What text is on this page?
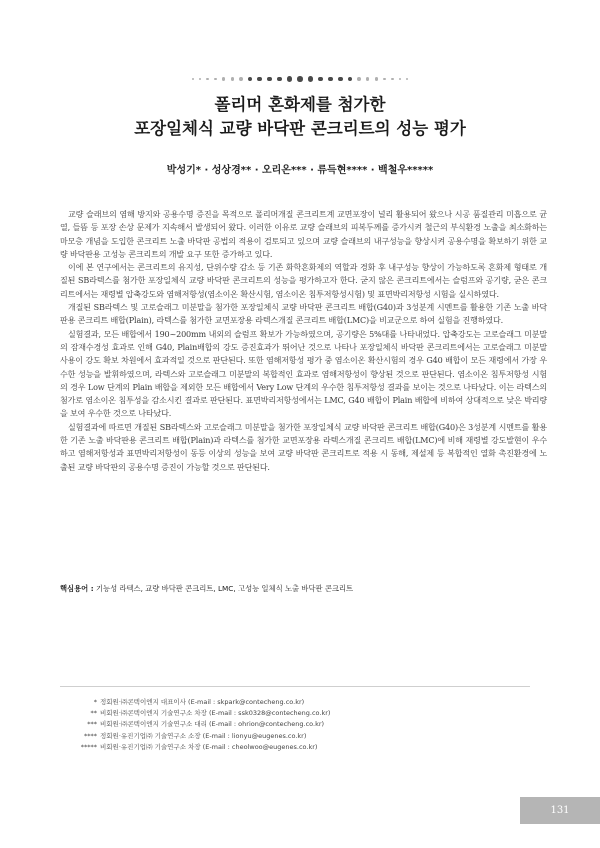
폴리머 혼화제를 첨가한
포장일체식 교량 바닥판 콘크리트의 성능 평가
박성기* · 성상경** · 오리온*** · 류득현**** · 백철우*****

교량 슬래브의 염해 방지와 공용수명 증진을 목적으로 폴리머개질 콘크리트계 교면포장이 널리 활용되어 왔으나 시공 품질관리 미흡으로 균열, 들뜸 등 포장 손상 문제가 지속해서 발생되어 왔다. 이러한 이유로 교량 슬래브의 피복두께를 증가시켜 철근의 부식환경 노출을 최소화하는 마모층 개념을 도입한 콘크리트 노출 바닥판 공법의 적용이 검토되고 있으며 교량 슬래브의 내구성능을 향상시켜 공용수명을 확보하기 위한 교량 바닥판용 고성능 콘크리트의 개발 요구 또한 증가하고 있다.

이에 본 연구에서는 콘크리트의 유지성, 단위수량 감소 등 기존 화학혼화제의 역할과 경화 후 내구성능 향상이 가능하도록 혼화제 형태로 개질된 SB라텍스를 첨가한 포장일체식 교량 바닥판 콘크리트의 성능을 평가하고자 한다. 굳지 않은 콘크리트에서는 슬럼프와 공기량, 굳은 콘크리트에서는 재령별 압축강도와 염해저항성(염소이온 확산시험, 염소이온 침투저항성시험) 및 표면박리저항성 시험을 실시하였다.

개질된 SB라텍스 및 고로슬래그 미분말을 첨가한 포장일체식 교량 바닥판 콘크리트 배합(G40)과 3성분계 시멘트를 활용한 기존 노출 바닥판용 콘크리트 배합(Plain), 라텍스를 첨가한 교면포장용 라텍스개질 콘크리트 배합(LMC)을 비교군으로 하여 실험을 진행하였다.

실험결과, 모든 배합에서 190~200mm 내외의 슬럼프 확보가 가능하였으며, 공기량은 5%대를 나타내었다. 압축강도는 고로슬래그 미분말의 잠재수경성 효과로 인해 G40, Plain배합의 강도 증진효과가 뛰어난 것으로 나타나 포장일체식 바닥판 콘크리트에서는 고로슬래그 미분말 사용이 강도 확보 차원에서 효과적일 것으로 판단된다. 또한 염해저항성 평가 중 염소이온 확산시험의 경우 G40 배합이 모든 재령에서 가장 우수한 성능을 발휘하였으며, 라텍스와 고로슬래그 미분말의 복합적인 효과로 염해저항성이 향상된 것으로 판단된다. 염소이온 침투저항성 시험의 경우 Low 단계의 Plain 배합을 제외한 모든 배합에서 Very Low 단계의 우수한 침투저항성 결과를 보이는 것으로 나타났다. 이는 라텍스의 첨가로 염소이온 침투성을 감소시킨 결과로 판단된다. 표면박리저항성에서는 LMC, G40 배합이 Plain 배합에 비하여 상대적으로 낮은 박리량을 보여 우수한 것으로 나타났다.

실험결과에 따르면 개질된 SB라텍스와 고로슬래그 미분말을 첨가한 포장일체식 교량 바닥판 콘크리트 배합(G40)은 3성분계 시멘트를 활용한 기존 노출 바닥판용 콘크리트 배합(Plain)과 라텍스를 첨가한 교면포장용 라텍스개질 콘크리트 배합(LMC)에 비해 재령별 강도발현이 우수하고 염해저항성과 표면박리저항성이 동등 이상의 성능을 보여 교량 바닥판 콘크리트로 적용 시 동해, 제설제 등 복합적인 열화 촉진환경에 노출된 교량 바닥판의 공용수명 증진이 가능할 것으로 판단된다.

핵심용어 : 기능성 라텍스, 교량 바닥판 콘크리트, LMC, 고성능 일체식 노출 바닥판 콘크리트
* 정회원·㈜콘텍이엔지 대표이사 (E-mail : skpark@contecheng.co.kr)
** 비회원·㈜콘텍이엔지 기술연구소 차장 (E-mail : ssk0328@contecheng.co.kr)
*** 비회원·㈜콘텍이엔지 기술연구소 대리 (E-mail : ohrion@contecheng.co.kr)
**** 정회원·유진기업㈜ 기술연구소 소장 (E-mail : lionyu@eugenes.co.kr)
***** 비회원·유진기업㈜ 기술연구소 차장 (E-mail : cheolwoo@eugenes.co.kr)
131
